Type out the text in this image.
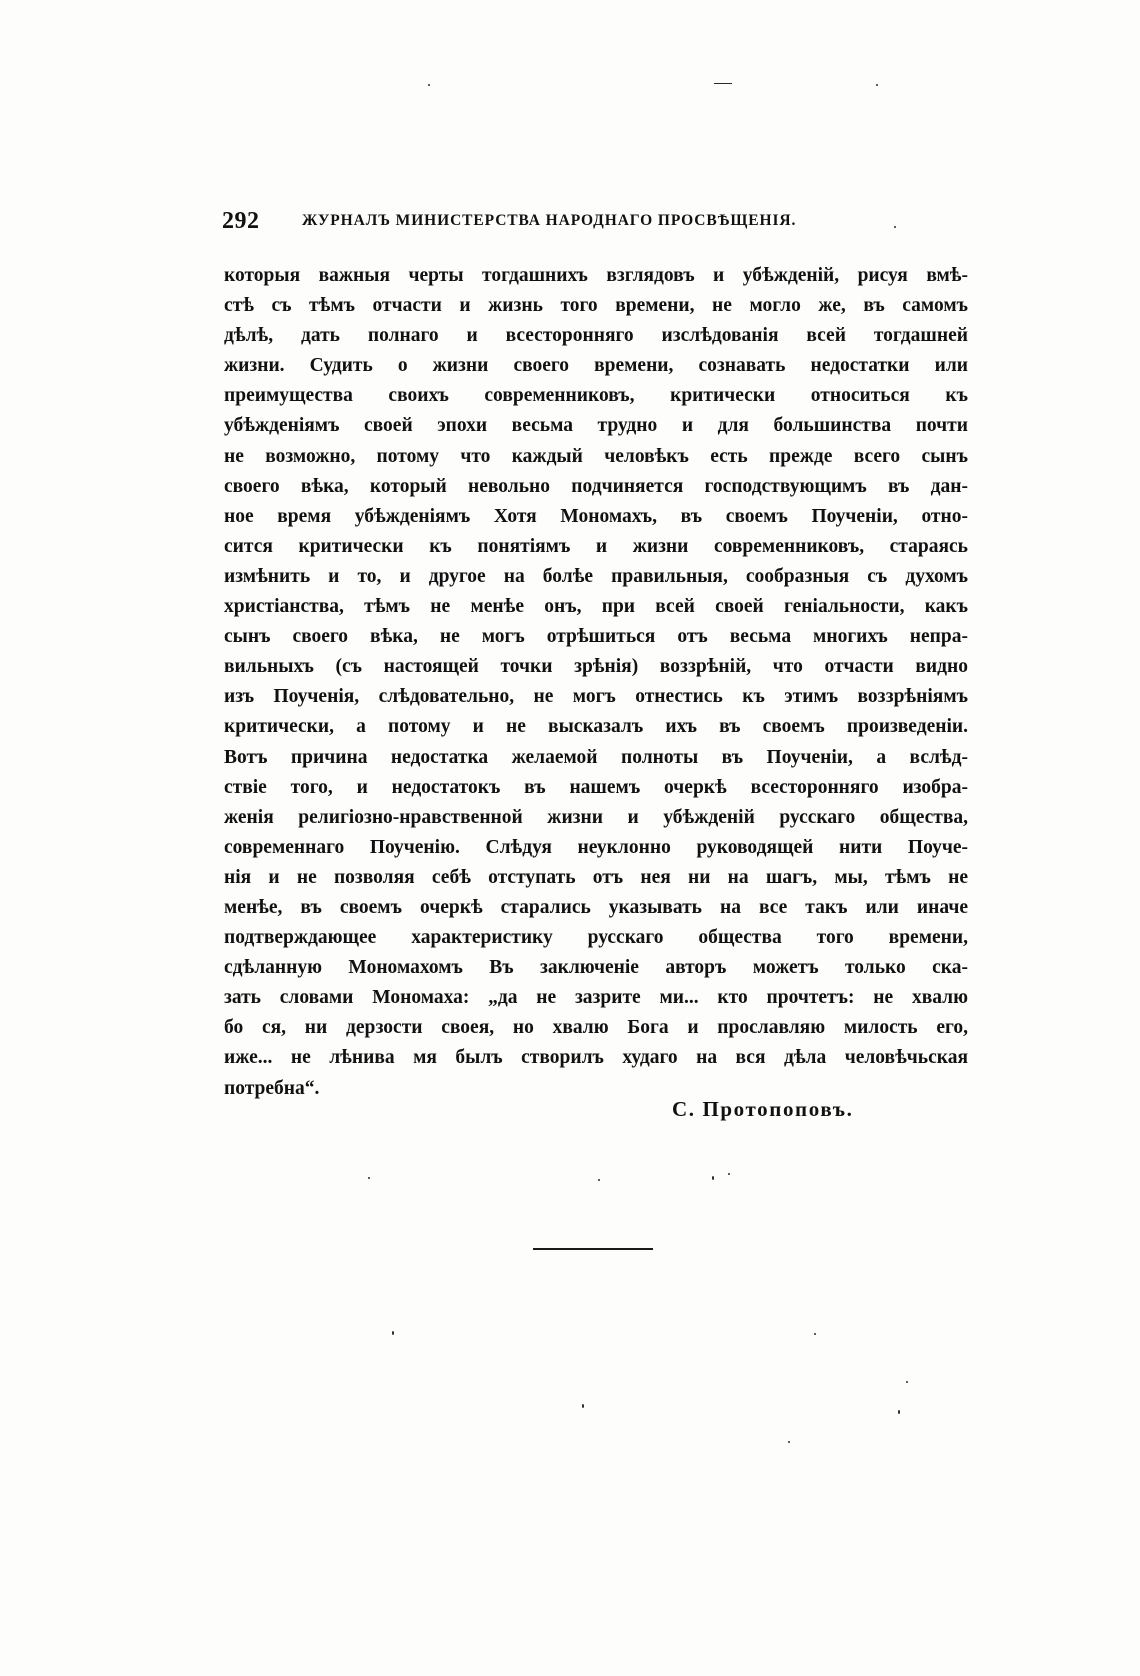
292	ЖУРНАЛЪ МИНИСТЕРСТВА НАРОДНАГО ПРОСВѢЩЕНІЯ.
которыя важныя черты тогдашнихъ взглядовъ и убѣжденій, рисуя вмѣ-
стѣ съ тѣмъ отчасти и жизнь того времени, не могло же, въ самомъ
дѣлѣ, дать полнаго и всесторонняго изслѣдованія всей тогдашней
жизни. Судить о жизни своего времени, сознавать недостатки или
преимущества своихъ современниковъ, критически относиться къ
убѣжденіямъ своей эпохи весьма трудно и для большинства почти
не возможно, потому что каждый человѣкъ есть прежде всего сынъ
своего вѣка, который невольно подчиняется господствующимъ въ дан-
ное время убѣжденіямъ Хотя Мономахъ, въ своемъ Поученіи, отно-
сится критически къ понятіямъ и жизни современниковъ, стараясь
измѣнить и то, и другое на болѣе правильныя, сообразныя съ духомъ
христіанства, тѣмъ не менѣе онъ, при всей своей геніальности, какъ
сынъ своего вѣка, не могъ отрѣшиться отъ весьма многихъ непра-
вильныхъ (съ настоящей точки зрѣнія) воззрѣній, что отчасти видно
изъ Поученія, слѣдовательно, не могъ отнестись къ этимъ воззрѣніямъ
критически, а потому и не высказалъ ихъ въ своемъ произведеніи.
Вотъ причина недостатка желаемой полноты въ Поученіи, а вслѣд-
ствіе того, и недостатокъ въ нашемъ очеркѣ всесторонняго изобра-
женія религіозно-нравственной жизни и убѣжденій русскаго общества,
современнаго Поученію. Слѣдуя неуклонно руководящей нити Поуче-
нія и не позволяя себѣ отступать отъ нея ни на шагъ, мы, тѣмъ не
менѣе, въ своемъ очеркѣ старались указывать на все такъ или иначе
подтверждающее характеристику русскаго общества того времени,
сдѣланную Мономахомъ Въ заключеніе авторъ можетъ только ска-
зать словами Мономаха: „да не зазрите ми... кто прочтетъ: не хвалю
бо ся, ни дерзости своея, но хвалю Бога и прославляю милость его,
иже... не лѣнива мя былъ створилъ худаго на вся дѣла человѣчьская
потребна“.
С. Протопоповъ.
